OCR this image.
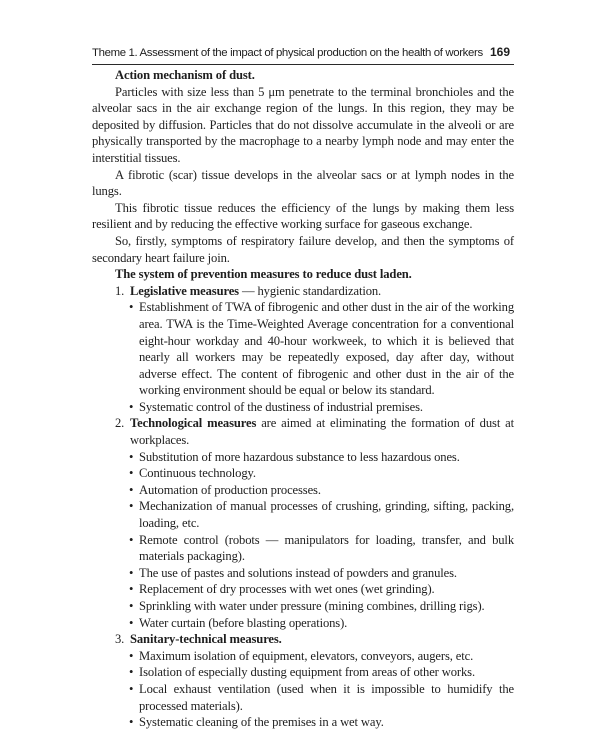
Theme 1. Assessment of the impact of physical production on the health of workers 169

Action mechanism of dust.

Particles with size less than 5 μm penetrate to the terminal bronchioles and the alveolar sacs in the air exchange region of the lungs. In this region, they may be deposited by diffusion. Particles that do not dissolve accumulate in the alveoli or are physically transported by the macrophage to a nearby lymph node and may enter the interstitial tissues.

A fibrotic (scar) tissue develops in the alveolar sacs or at lymph nodes in the lungs.

This fibrotic tissue reduces the efficiency of the lungs by making them less resilient and by reducing the effective working surface for gaseous exchange.

So, firstly, symptoms of respiratory failure develop, and then the symptoms of secondary heart failure join.

The system of prevention measures to reduce dust laden.

1. Legislative measures — hygienic standardization.

• Establishment of TWA of fibrogenic and other dust in the air of the working area. TWA is the Time-Weighted Average concentration for a conventional eight-hour workday and 40-hour workweek, to which it is believed that nearly all workers may be repeatedly exposed, day after day, without adverse effect. The content of fibrogenic and other dust in the air of the working environment should be equal or below its standard.

• Systematic control of the dustiness of industrial premises.

2. Technological measures are aimed at eliminating the formation of dust at workplaces.

• Substitution of more hazardous substance to less hazardous ones.

• Continuous technology.

• Automation of production processes.

• Mechanization of manual processes of crushing, grinding, sifting, packing, loading, etc.

• Remote control (robots — manipulators for loading, transfer, and bulk materials packaging).

• The use of pastes and solutions instead of powders and granules.

• Replacement of dry processes with wet ones (wet grinding).

• Sprinkling with water under pressure (mining combines, drilling rigs).

• Water curtain (before blasting operations).

3. Sanitary-technical measures.

• Maximum isolation of equipment, elevators, conveyors, augers, etc.

• Isolation of especially dusting equipment from areas of other works.

• Local exhaust ventilation (used when it is impossible to humidify the processed materials).

• Systematic cleaning of the premises in a wet way.
